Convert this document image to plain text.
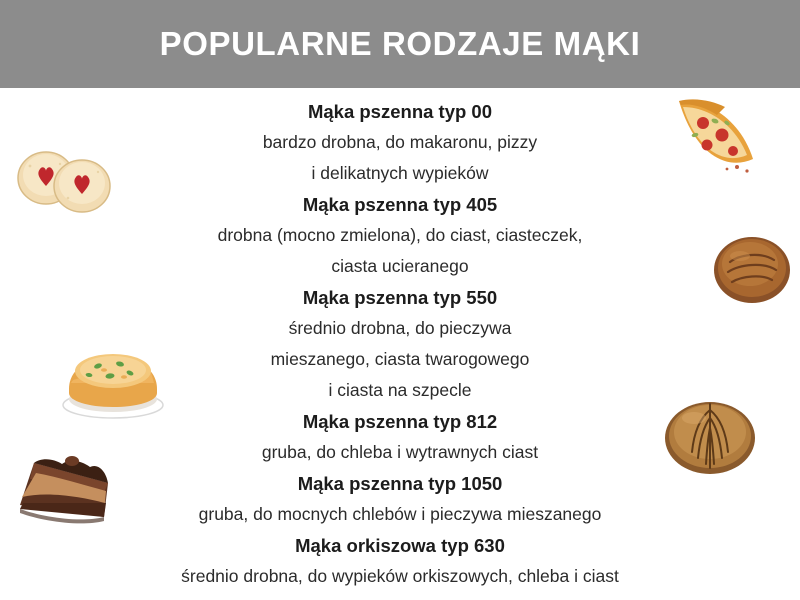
POPULARNE RODZAJE MĄKI
Mąka pszenna typ 00
bardzo drobna, do makaronu, pizzy
i delikatnych wypieków
Mąka pszenna typ 405
drobna (mocno zmielona), do ciast, ciasteczek,
ciasta ucieranego
Mąka pszenna typ 550
średnio drobna, do pieczywa
mieszanego, ciasta twarogowego
i ciasta na szpecle
Mąka pszenna typ 812
gruba, do chleba i wytrawnych ciast
Mąka pszenna typ 1050
gruba, do mocnych chlebów i pieczywa mieszanego
Mąka orkiszowa typ 630
średnio drobna, do wypieków orkiszowych, chleba i ciast
